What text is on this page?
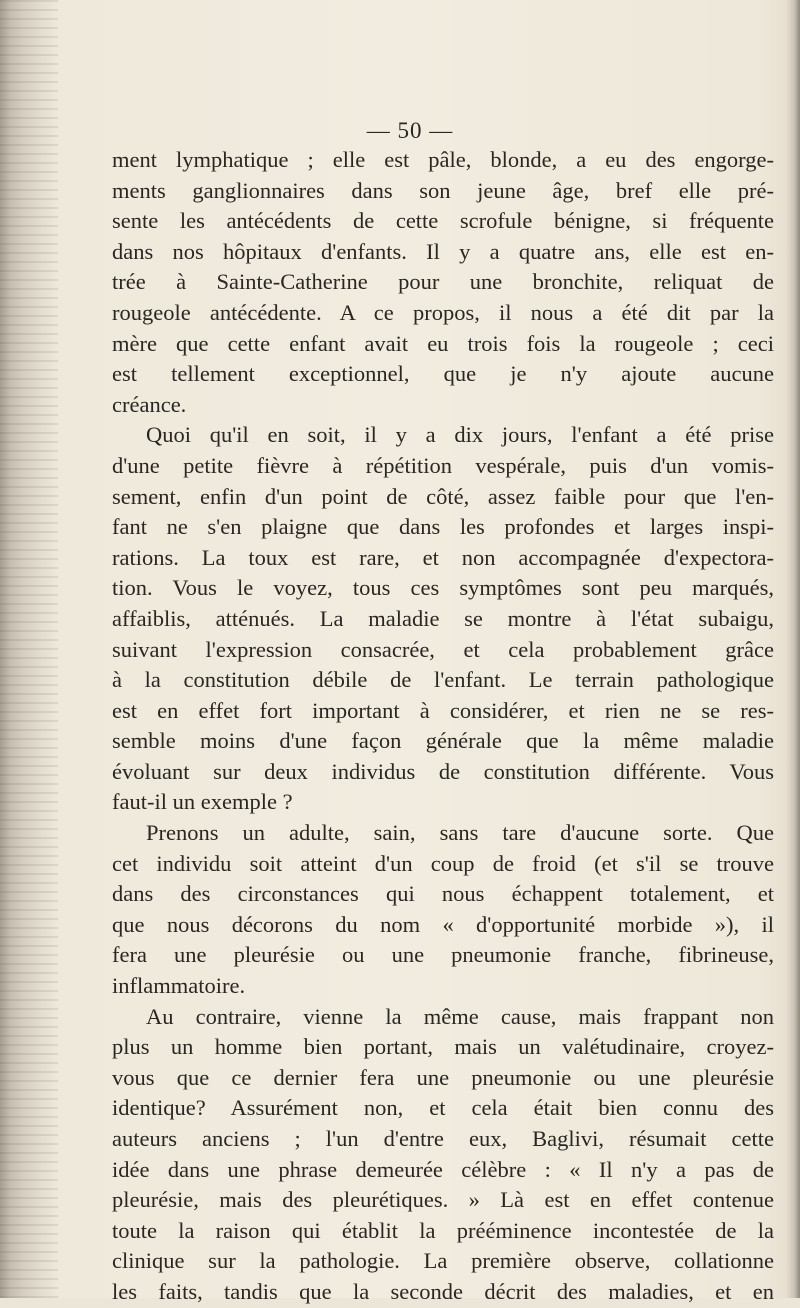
— 50 —
ment lymphatique ; elle est pâle, blonde, a eu des engorge-
ments ganglionnaires dans son jeune âge, bref elle pré-
sente les antécédents de cette scrofule bénigne, si fréquente
dans nos hôpitaux d'enfants. Il y a quatre ans, elle est en-
trée à Sainte-Catherine pour une bronchite, reliquat de
rougeole antécédente. A ce propos, il nous a été dit par la
mère que cette enfant avait eu trois fois la rougeole ; ceci
est tellement exceptionnel, que je n'y ajoute aucune
créance.
Quoi qu'il en soit, il y a dix jours, l'enfant a été prise
d'une petite fièvre à répétition vespérale, puis d'un vomis-
sement, enfin d'un point de côté, assez faible pour que l'en-
fant ne s'en plaigne que dans les profondes et larges inspi-
rations. La toux est rare, et non accompagnée d'expectora-
tion. Vous le voyez, tous ces symptômes sont peu marqués,
affaiblis, atténués. La maladie se montre à l'état subaigu,
suivant l'expression consacrée, et cela probablement grâce
à la constitution débile de l'enfant. Le terrain pathologique
est en effet fort important à considérer, et rien ne se res-
semble moins d'une façon générale que la même maladie
évoluant sur deux individus de constitution différente. Vous
faut-il un exemple ?
Prenons un adulte, sain, sans tare d'aucune sorte. Que
cet individu soit atteint d'un coup de froid (et s'il se trouve
dans des circonstances qui nous échappent totalement, et
que nous décorons du nom « d'opportunité morbide »), il
fera une pleurésie ou une pneumonie franche, fibrineuse,
inflammatoire.
Au contraire, vienne la même cause, mais frappant non
plus un homme bien portant, mais un valétudinaire, croyez-
vous que ce dernier fera une pneumonie ou une pleurésie
identique? Assurément non, et cela était bien connu des
auteurs anciens ; l'un d'entre eux, Baglivi, résumait cette
idée dans une phrase demeurée célèbre : « Il n'y a pas de
pleurésie, mais des pleurétiques. » Là est en effet contenue
toute la raison qui établit la prééminence incontestée de la
clinique sur la pathologie. La première observe, collationne
les faits, tandis que la seconde décrit des maladies, et en
